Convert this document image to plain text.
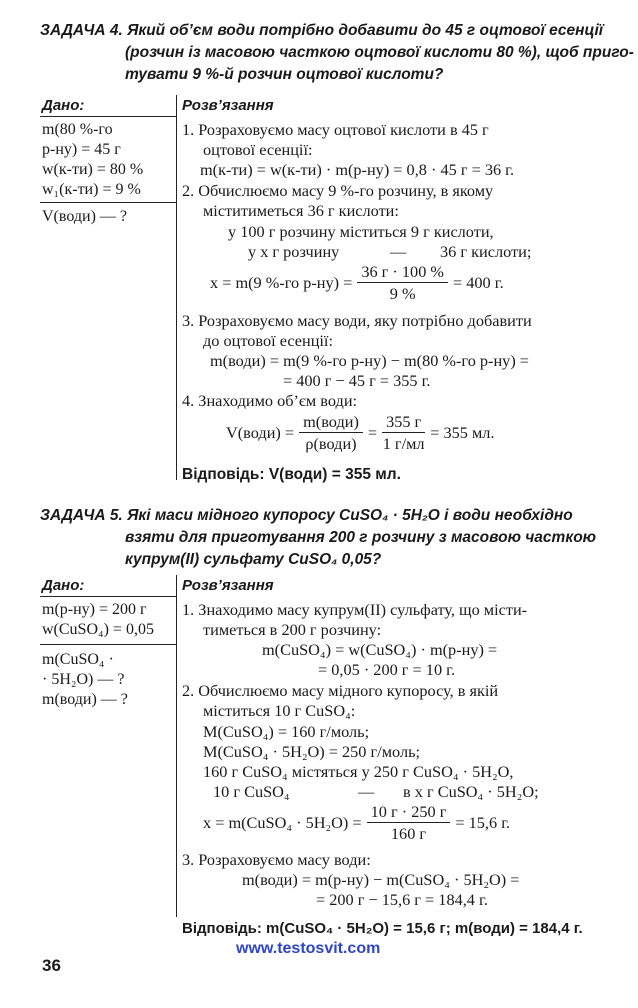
ЗАДАЧА 4. Який об’єм води потрібно добавити до 45 г оцтової есенції
(розчин із масовою часткою оцтової кислоти 80 %), щоб приго-
тувати 9 %-й розчин оцтової кислоти?
Дано:	Розв’язання
m(80 %-го
р-ну) = 45 г
w(к-ти) = 80 %
w₁(к-ти) = 9 %
V(води) — ?
1. Розраховуємо масу оцтової кислоти в 45 г
оцтової есенції:
m(к-ти) = w(к-ти) · m(р-ну) = 0,8 · 45 г = 36 г.
2. Обчислюємо масу 9 %-го розчину, в якому
міститиметься 36 г кислоти:
у 100 г розчину міститься 9 г кислоти,
у x г розчину	— 36 г кислоти;
x = m(9 %-го $р-ну) = \frac{36 г \cdot 100 \%}{9 \%} = 400$ г.
3. Розраховуємо масу води, яку потрібно добавити
до оцтової есенції:
m(води) = m(9 %-го р-ну) − m(80 %-го р-ну) =
= 400 г − 45 г = 355 г.
4. Знаходимо об’єм води:
V(води) = $\frac{\text{m(води)}}{\text{ρ(води)}} = \frac{355 г}{1 г/мл} = 355$ мл.
Відповідь: V(води) = 355 мл.
ЗАДАЧА 5. Які маси мідного купоросу CuSO₄ · 5H₂O і води необхідно
взяти для приготування 200 г розчину з масовою часткою
купрум(ІІ) сульфату CuSO₄ 0,05?
Дано:	Розв’язання
m(р-ну) = 200 г
w(CuSO₄) = 0,05
m(CuSO₄ ·
· 5H₂O) — ?
m(води) — ?
1. Знаходимо масу купрум(ІІ) сульфату, що місти-
тиметься в 200 г розчину:
m(CuSO₄) = w(CuSO₄) · m(р-ну) =
= 0,05 · 200 г = 10 г.
2. Обчислюємо масу мідного купоросу, в якій
міститься 10 г CuSO₄:
M(CuSO₄) = 160 г/моль;
M(CuSO₄ · 5H₂O) = 250 г/моль;
160 г CuSO₄ містяться у 250 г CuSO₄ · 5H₂O,
10 г CuSO₄	— в x г CuSO₄ · 5H₂O;
x = m(CuSO₄ · $5H_2O) = \frac{10 г \cdot 250 г}{160 г} = 15,6$ г.
3. Розраховуємо масу води:
m(води) = m(р-ну) − m(CuSO₄ · 5H₂O) =
= 200 г − 15,6 г = 184,4 г.
Відповідь: m(CuSO₄ · 5H₂O) = 15,6 г; m(води) = 184,4 г.
www.testosvit.com
36
